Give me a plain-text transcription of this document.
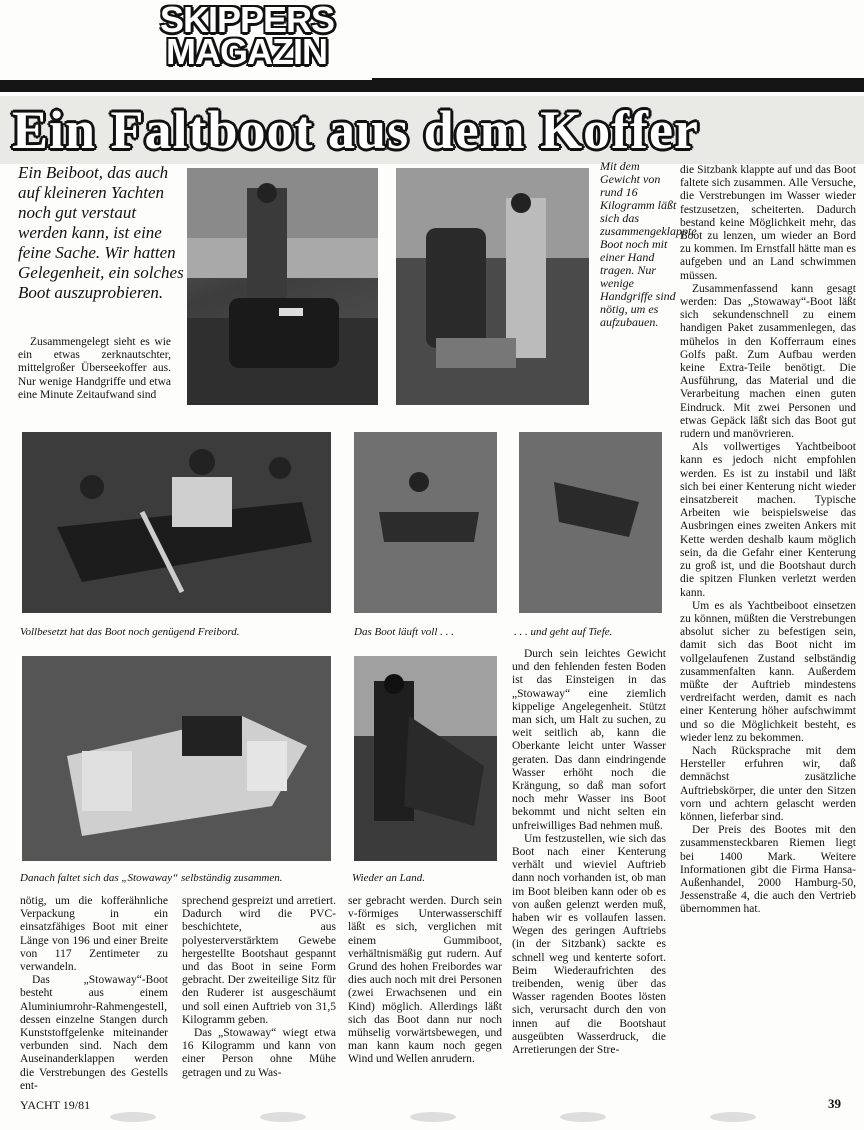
SKIPPERS
MAGAZIN
Ein Faltboot aus dem Koffer
Ein Beiboot, das auch auf kleineren Yachten noch gut verstaut werden kann, ist eine feine Sache. Wir hatten Gelegenheit, ein solches Boot auszuprobieren.

Zusammengelegt sieht es wie ein etwas zerknautschter, mittelgroßer Überseekoffer aus. Nur wenige Handgriffe und etwa eine Minute Zeitaufwand sind

Mit dem Gewicht von rund 16 Kilogramm läßt sich das zusammengeklappte Boot noch mit einer Hand tragen. Nur wenige Handgriffe sind nötig, um es aufzubauen.

die Sitzbank klappte auf und das Boot faltete sich zusammen. Alle Versuche, die Verstrebungen im Wasser wieder festzusetzen, scheiterten. Dadurch bestand keine Möglichkeit mehr, das Boot zu lenzen, um wieder an Bord zu kommen. Im Ernstfall hätte man es aufgeben und an Land schwimmen müssen.

Zusammenfassend kann gesagt werden: Das „Stowaway“-Boot läßt sich sekundenschnell zu einem handigen Paket zusammenlegen, das mühelos in den Kofferraum eines Golfs paßt. Zum Aufbau werden keine Extra-Teile benötigt. Die Ausführung, das Material und die Verarbeitung machen einen guten Eindruck. Mit zwei Personen und etwas Gepäck läßt sich das Boot gut rudern und manövrieren.

Als vollwertiges Yachtbeiboot kann es jedoch nicht empfohlen werden. Es ist zu instabil und läßt sich bei einer Kenterung nicht wieder einsatzbereit machen. Typische Arbeiten wie beispielsweise das Ausbringen eines zweiten Ankers mit Kette werden deshalb kaum möglich sein, da die Gefahr einer Kenterung zu groß ist, und die Bootshaut durch die spitzen Flunken verletzt werden kann.

Um es als Yachtbeiboot einsetzen zu können, müßten die Verstrebungen absolut sicher zu befestigen sein, damit sich das Boot nicht im vollgelaufenen Zustand selbständig zusammenfalten kann. Außerdem müßte der Auftrieb mindestens verdreifacht werden, damit es nach einer Kenterung höher aufschwimmt und so die Möglichkeit besteht, es wieder lenz zu bekommen.

Nach Rücksprache mit dem Hersteller erfuhren wir, daß demnächst zusätzliche Auftriebskörper, die unter den Sitzen vorn und achtern gelascht werden können, lieferbar sind.

Der Preis des Bootes mit den zusammensteckbaren Riemen liegt bei 1400 Mark. Weitere Informationen gibt die Firma Hansa-Außenhandel, 2000 Hamburg-50, Jessenstraße 4, die auch den Vertrieb übernommen hat.

Vollbesetzt hat das Boot noch genügend Freibord.	Das Boot läuft voll . . .	. . . und geht auf Tiefe.

Durch sein leichtes Gewicht und den fehlenden festen Boden ist das Einsteigen in das „Stowaway“ eine ziemlich kippelige Angelegenheit. Stützt man sich, um Halt zu suchen, zu weit seitlich ab, kann die Oberkante leicht unter Wasser geraten. Das dann eindringende Wasser erhöht noch die Krängung, so daß man sofort noch mehr Wasser ins Boot bekommt und nicht selten ein unfreiwilliges Bad nehmen muß.

Um festzustellen, wie sich das Boot nach einer Kenterung verhält und wieviel Auftrieb dann noch vorhanden ist, ob man im Boot bleiben kann oder ob es von außen gelenzt werden muß, haben wir es vollaufen lassen. Wegen des geringen Auftriebs (in der Sitzbank) sackte es schnell weg und kenterte sofort. Beim Wiederaufrichten des treibenden, wenig über das Wasser ragenden Bootes lösten sich, verursacht durch den von innen auf die Bootshaut ausgeübten Wasserdruck, die Arretierungen der Stre-

Danach faltet sich das „Stowaway“ selbständig zusammen.	Wieder an Land.

nötig, um die kofferähnliche Verpackung in ein einsatzfähiges Boot mit einer Länge von 196 und einer Breite von 117 Zentimeter zu verwandeln.

Das „Stowaway“-Boot besteht aus einem Aluminiumrohr-Rahmengestell, dessen einzelne Stangen durch Kunststoffgelenke miteinander verbunden sind. Nach dem Auseinanderklappen werden die Verstrebungen des Gestells ent-

sprechend gespreizt und arretiert. Dadurch wird die PVC-beschichtete, aus polyesterverstärktem Gewebe hergestellte Bootshaut gespannt und das Boot in seine Form gebracht. Der zweiteilige Sitz für den Ruderer ist ausgeschäumt und soll einen Auftrieb von 31,5 Kilogramm geben.

Das „Stowaway“ wiegt etwa 16 Kilogramm und kann von einer Person ohne Mühe getragen und zu Was-

ser gebracht werden. Durch sein v-förmiges Unterwasserschiff läßt es sich, verglichen mit einem Gummiboot, verhältnismäßig gut rudern. Auf Grund des hohen Freibordes war dies auch noch mit drei Personen (zwei Erwachsenen und ein Kind) möglich. Allerdings läßt sich das Boot dann nur noch mühselig vorwärtsbewegen, und man kann kaum noch gegen Wind und Wellen anrudern.

YACHT 19/81	39
